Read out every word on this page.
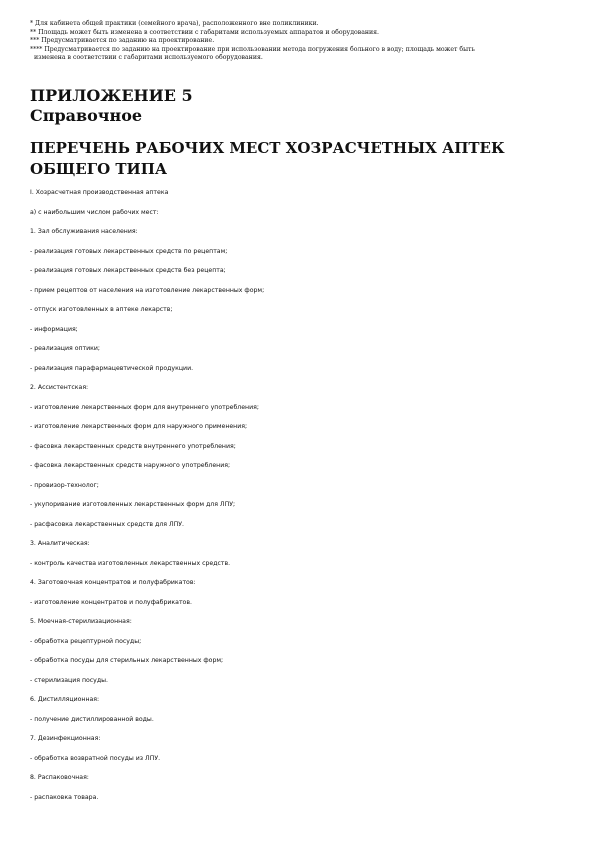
* Для кабинета общей практики (семейного врача), расположенного вне поликлиники.
** Площадь может быть изменена в соответствии с габаритами используемых аппаратов и оборудования.
*** Предусматривается по заданию на проектирование.
**** Предусматривается по заданию на проектирование при использовании метода погружения больного в воду; площадь может быть
изменена в соответствии с габаритами используемого оборудования.
ПРИЛОЖЕНИЕ 5
Справочное
ПЕРЕЧЕНЬ РАБОЧИХ МЕСТ ХОЗРАСЧЕТНЫХ АПТЕК ОБЩЕГО ТИПА
I. Хозрасчетная производственная аптека
а) с наибольшим числом рабочих мест:
1. Зал обслуживания населения:
- реализация готовых лекарственных средств по рецептам;
- реализация готовых лекарственных средств без рецепта;
- прием рецептов от населения на изготовление лекарственных форм;
- отпуск изготовленных в аптеке лекарств;
- информация;
- реализация оптики;
- реализация парафармацевтической продукции.
2. Ассистентская:
- изготовление лекарственных форм для внутреннего употребления;
- изготовление лекарственных форм для наружного применения;
- фасовка лекарственных средств внутреннего употребления;
- фасовка лекарственных средств наружного употребления;
- провизор-технолог;
- укупоривание изготовленных лекарственных форм для ЛПУ;
- расфасовка лекарственных средств для ЛПУ.
3. Аналитическая:
- контроль качества изготовленных лекарственных средств.
4. Заготовочная концентратов и полуфабрикатов:
- изготовление концентратов и полуфабрикатов.
5. Моечная-стерилизационная:
- обработка рецептурной посуды;
- обработка посуды для стерильных лекарственных форм;
- стерилизация посуды.
6. Дистилляционная:
- получение дистиллированной воды.
7. Дезинфекционная:
- обработка возвратной посуды из ЛПУ.
8. Распаковочная:
- распаковка товара.
